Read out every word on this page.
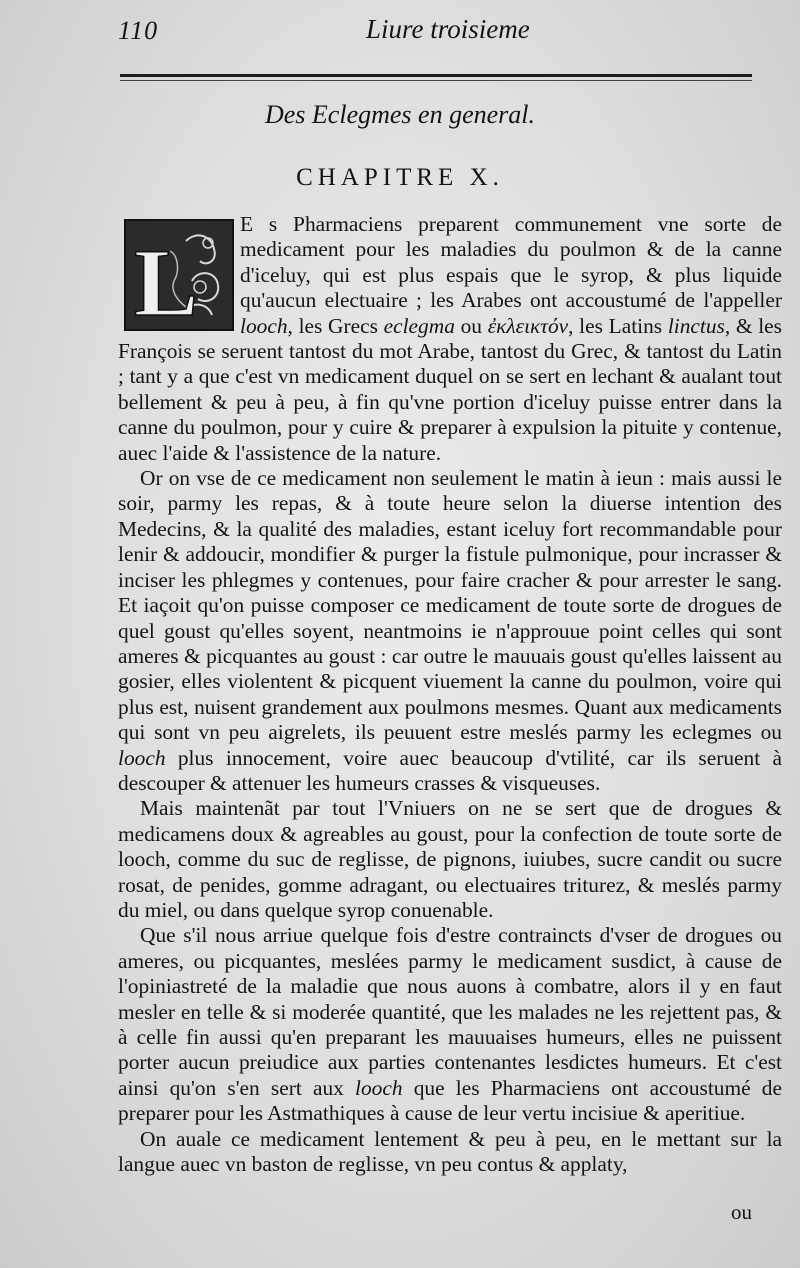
110	Liure troisieme
Des Eclegmes en general.
CHAPITRE X.
L

E s Pharmaciens preparent communement vne sorte de medicament pour les maladies du poulmon & de la canne d'iceluy, qui est plus espais que le syrop, & plus liquide qu'aucun electuaire ; les Arabes ont accoustumé de l'appeller looch, les Grecs eclegma ou ἐκλεικτόν, les Latins linctus, & les François se seruent tantost du mot Arabe, tantost du Grec, & tantost du Latin ; tant y a que c'est vn medicament duquel on se sert en lechant & aualant tout bellement & peu à peu, à fin qu'vne portion d'iceluy puisse entrer dans la canne du poulmon, pour y cuire & preparer à expulsion la pituite y contenue, auec l'aide & l'assistence de la nature.

Or on vse de ce medicament non seulement le matin à ieun : mais aussi le soir, parmy les repas, & à toute heure selon la diuerse intention des Medecins, & la qualité des maladies, estant iceluy fort recommandable pour lenir & addoucir, mondifier & purger la fistule pulmonique, pour incrasser & inciser les phlegmes y contenues, pour faire cracher & pour arrester le sang. Et iaçoit qu'on puisse composer ce medicament de toute sorte de drogues de quel goust qu'elles soyent, neantmoins ie n'approuue point celles qui sont ameres & picquantes au goust : car outre le mauuais goust qu'elles laissent au gosier, elles violentent & picquent viuement la canne du poulmon, voire qui plus est, nuisent grandement aux poulmons mesmes. Quant aux medicaments qui sont vn peu aigrelets, ils peuuent estre meslés parmy les eclegmes ou looch plus innocement, voire auec beaucoup d'vtilité, car ils seruent à descouper & attenuer les humeurs crasses & visqueuses.

Mais maintenãt par tout l'Vniuers on ne se sert que de drogues & medicamens doux & agreables au goust, pour la confection de toute sorte de looch, comme du suc de reglisse, de pignons, iuiubes, sucre candit ou sucre rosat, de penides, gomme adragant, ou electuaires triturez, & meslés parmy du miel, ou dans quelque syrop conuenable.

Que s'il nous arriue quelque fois d'estre contraincts d'vser de drogues ou ameres, ou picquantes, meslées parmy le medicament susdict, à cause de l'opiniastreté de la maladie que nous auons à combatre, alors il y en faut mesler en telle & si moderée quantité, que les malades ne les rejettent pas, & à celle fin aussi qu'en preparant les mauuaises humeurs, elles ne puissent porter aucun preiudice aux parties contenantes lesdictes humeurs. Et c'est ainsi qu'on s'en sert aux looch que les Pharmaciens ont accoustumé de preparer pour les Astmathiques à cause de leur vertu incisiue & aperitiue.

On auale ce medicament lentement & peu à peu, en le mettant sur la langue auec vn baston de reglisse, vn peu contus & applaty,

ou
